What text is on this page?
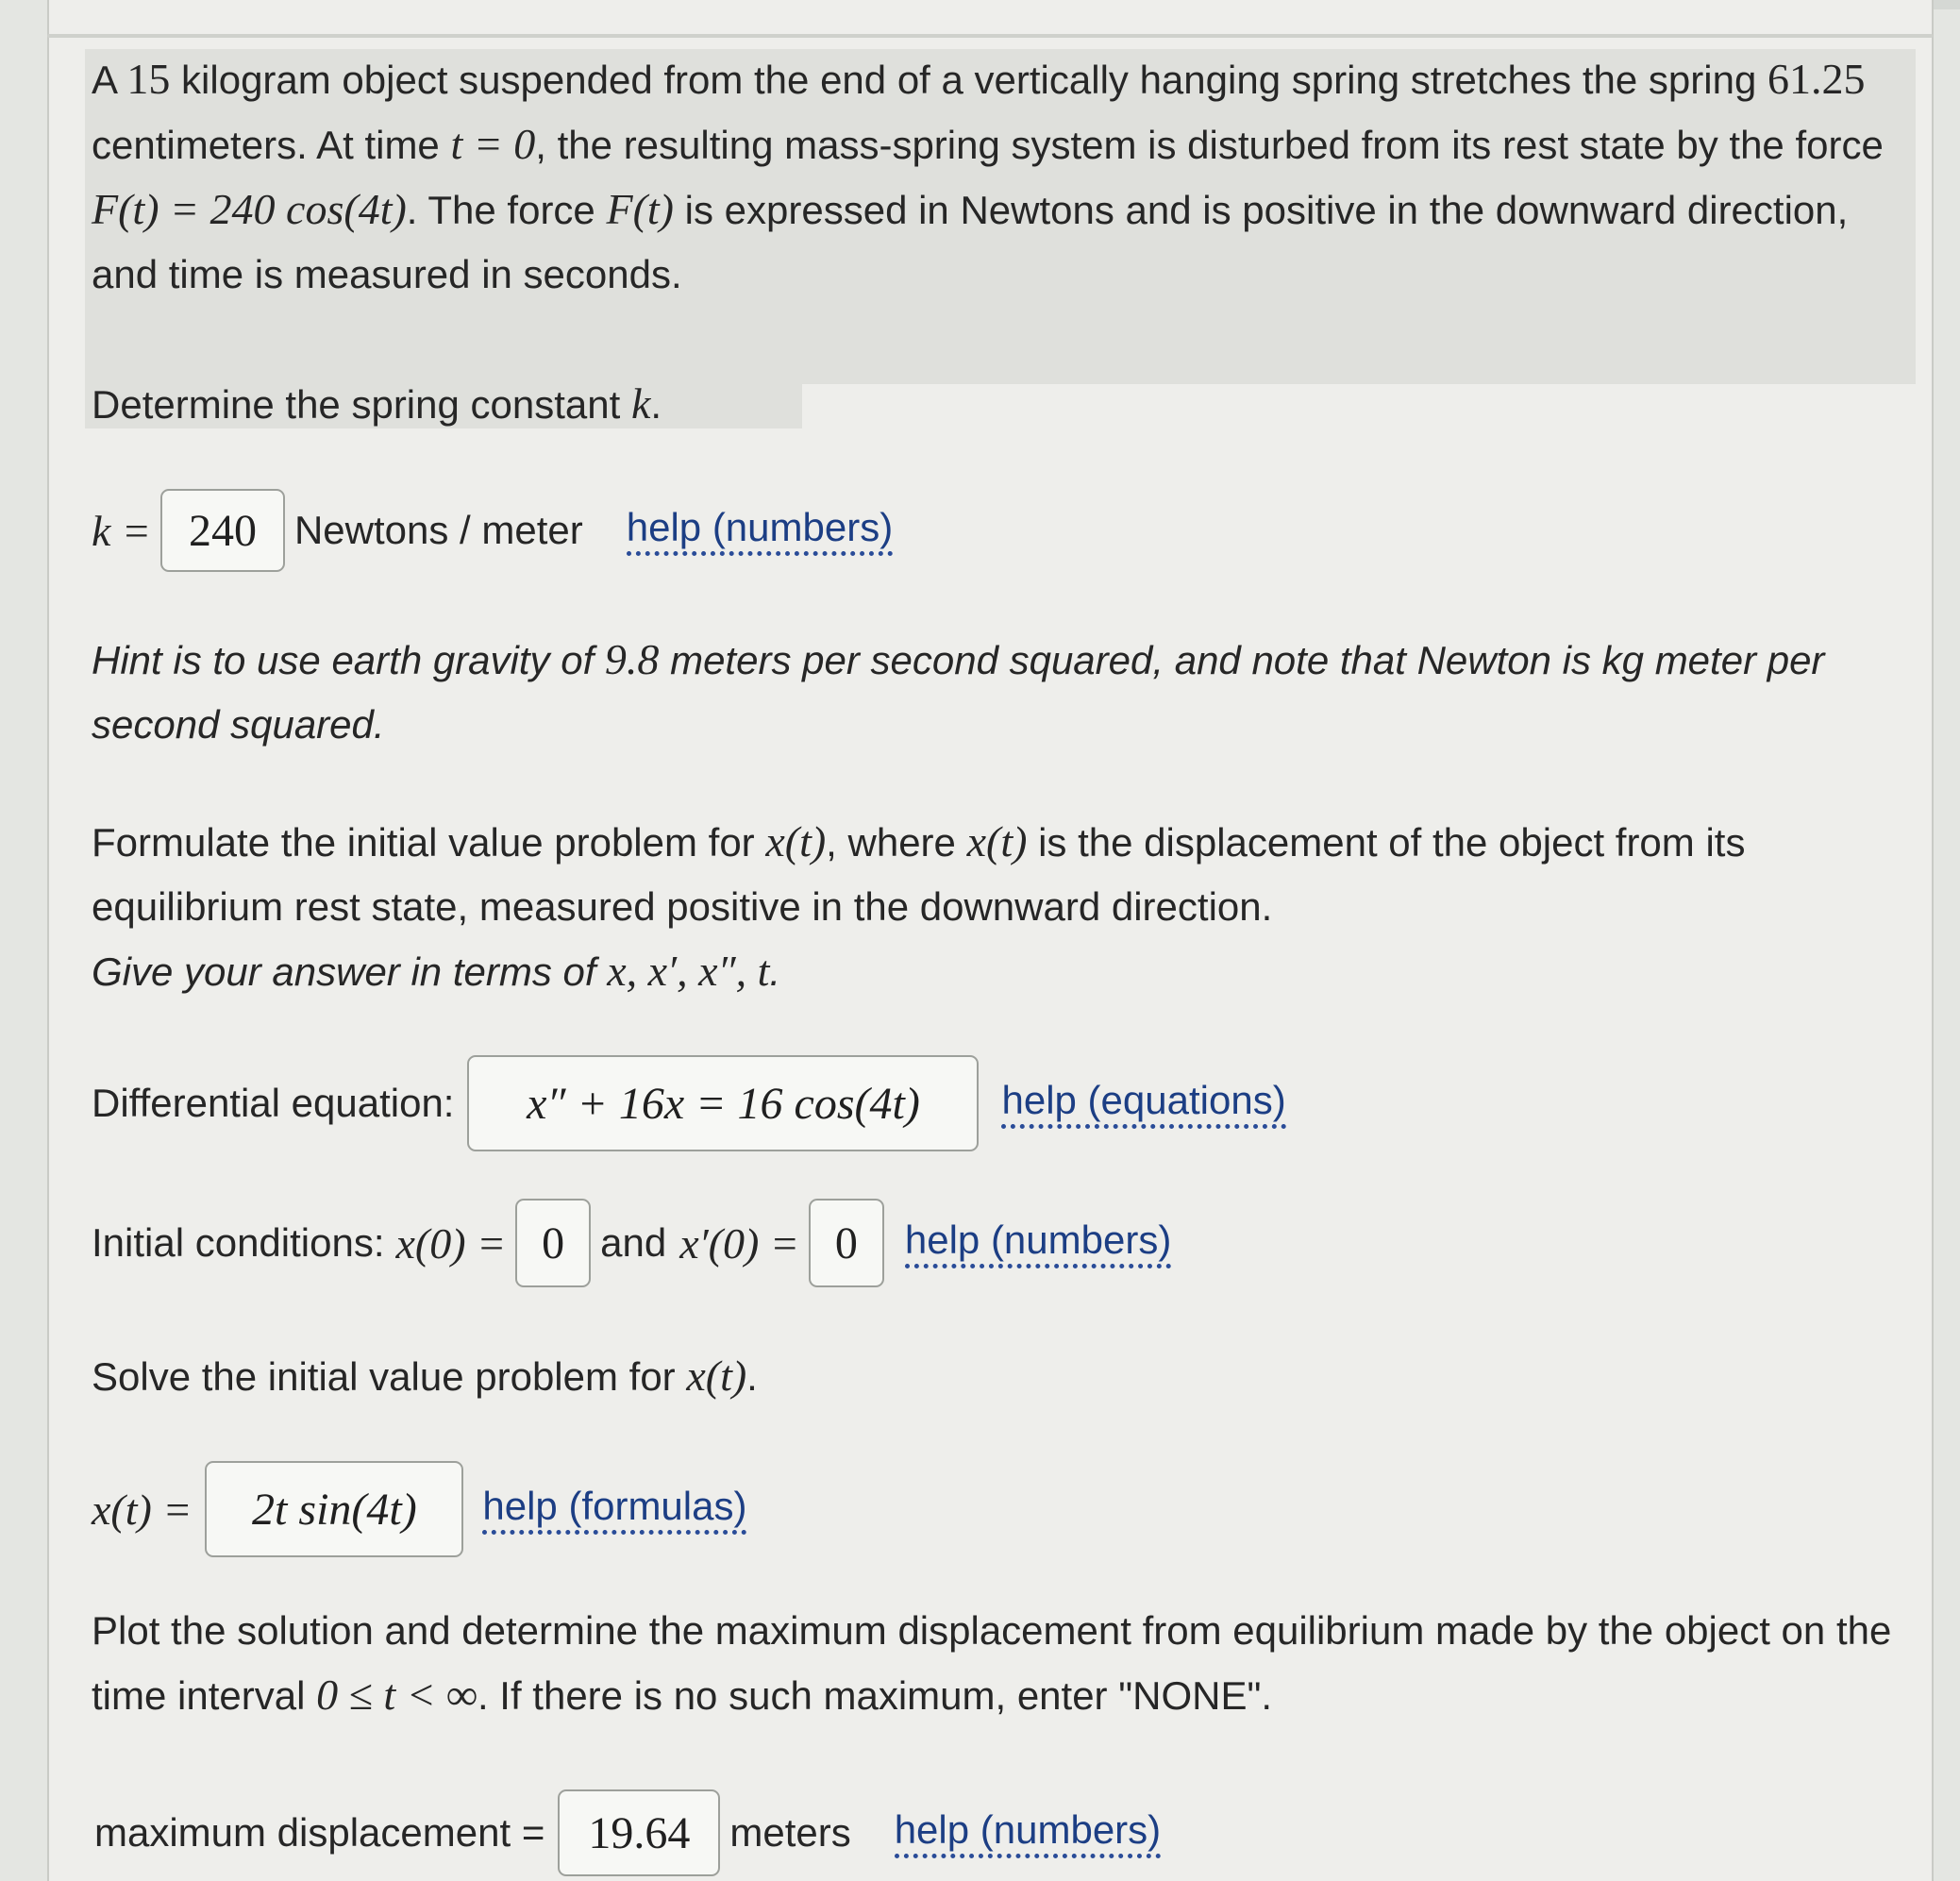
A 15 kilogram object suspended from the end of a vertically hanging spring stretches the spring 61.25 centimeters. At time t = 0, the resulting mass-spring system is disturbed from its rest state by the force F(t) = 240 cos(4t). The force F(t) is expressed in Newtons and is positive in the downward direction, and time is measured in seconds.

Determine the spring constant k.

k = 240 Newtons / meter help (numbers)

Hint is to use earth gravity of 9.8 meters per second squared, and note that Newton is kg meter per second squared.

Formulate the initial value problem for x(t), where x(t) is the displacement of the object from its equilibrium rest state, measured positive in the downward direction.
Give your answer in terms of x, x′, x″, t.

Differential equation:	x″ + 16x = 16 cos(4t)	help (equations)
Initial conditions: x(0) = 0 and x′(0) = 0	help (numbers)

Solve the initial value problem for x(t).

x(t) =	2t sin(4t)	help (formulas)

Plot the solution and determine the maximum displacement from equilibrium made by the object on the time interval 0 ≤ t < ∞. If there is no such maximum, enter "NONE".

maximum displacement = 19.64	meters help (numbers)
